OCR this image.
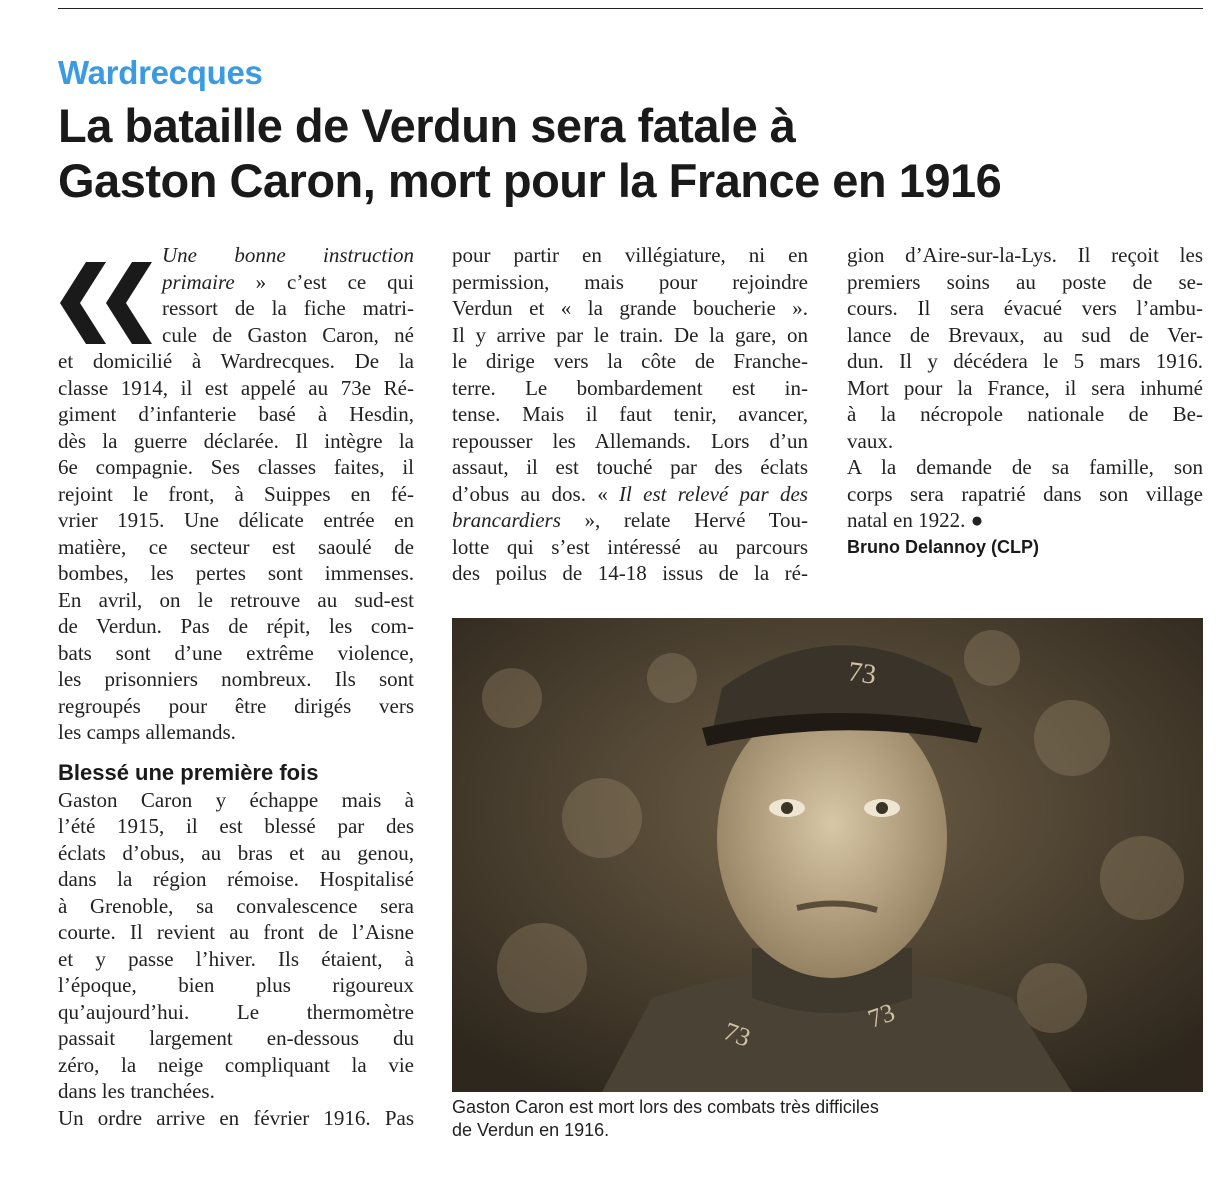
Wardrecques
La bataille de Verdun sera fatale à
Gaston Caron, mort pour la France en 1916
Une bonne instruction
primaire » c’est ce qui
ressort de la fiche matri-
cule de Gaston Caron, né
et domicilié à Wardrecques. De la
classe 1914, il est appelé au 73e Ré-
giment d’infanterie basé à Hesdin,
dès la guerre déclarée. Il intègre la
6e compagnie. Ses classes faites, il
rejoint le front, à Suippes en fé-
vrier 1915. Une délicate entrée en
matière, ce secteur est saoulé de
bombes, les pertes sont immenses.
En avril, on le retrouve au sud-est
de Verdun. Pas de répit, les com-
bats sont d’une extrême violence,
les prisonniers nombreux. Ils sont
regroupés pour être dirigés vers
les camps allemands.
Blessé une première fois
Gaston Caron y échappe mais à
l’été 1915, il est blessé par des
éclats d’obus, au bras et au genou,
dans la région rémoise. Hospitalisé
à Grenoble, sa convalescence sera
courte. Il revient au front de l’Aisne
et y passe l’hiver. Ils étaient, à
l’époque, bien plus rigoureux
qu’aujourd’hui. Le thermomètre
passait largement en-dessous du
zéro, la neige compliquant la vie
dans les tranchées.
Un ordre arrive en février 1916. Pas
pour partir en villégiature, ni en
permission, mais pour rejoindre
Verdun et « la grande boucherie ».
Il y arrive par le train. De la gare, on
le dirige vers la côte de Franche-
terre. Le bombardement est in-
tense. Mais il faut tenir, avancer,
repousser les Allemands. Lors d’un
assaut, il est touché par des éclats
d’obus au dos. « Il est relevé par des
brancardiers », relate Hervé Tou-
lotte qui s’est intéressé au parcours
des poilus de 14-18 issus de la ré-
gion d’Aire-sur-la-Lys. Il reçoit les
premiers soins au poste de se-
cours. Il sera évacué vers l’ambu-
lance de Brevaux, au sud de Ver-
dun. Il y décédera le 5 mars 1916.
Mort pour la France, il sera inhumé
à la nécropole nationale de Be-
vaux.
A la demande de sa famille, son
corps sera rapatrié dans son village
natal en 1922. ●
Bruno Delannoy (CLP)
73
73
73
Gaston Caron est mort lors des combats très difficiles
de Verdun en 1916.
